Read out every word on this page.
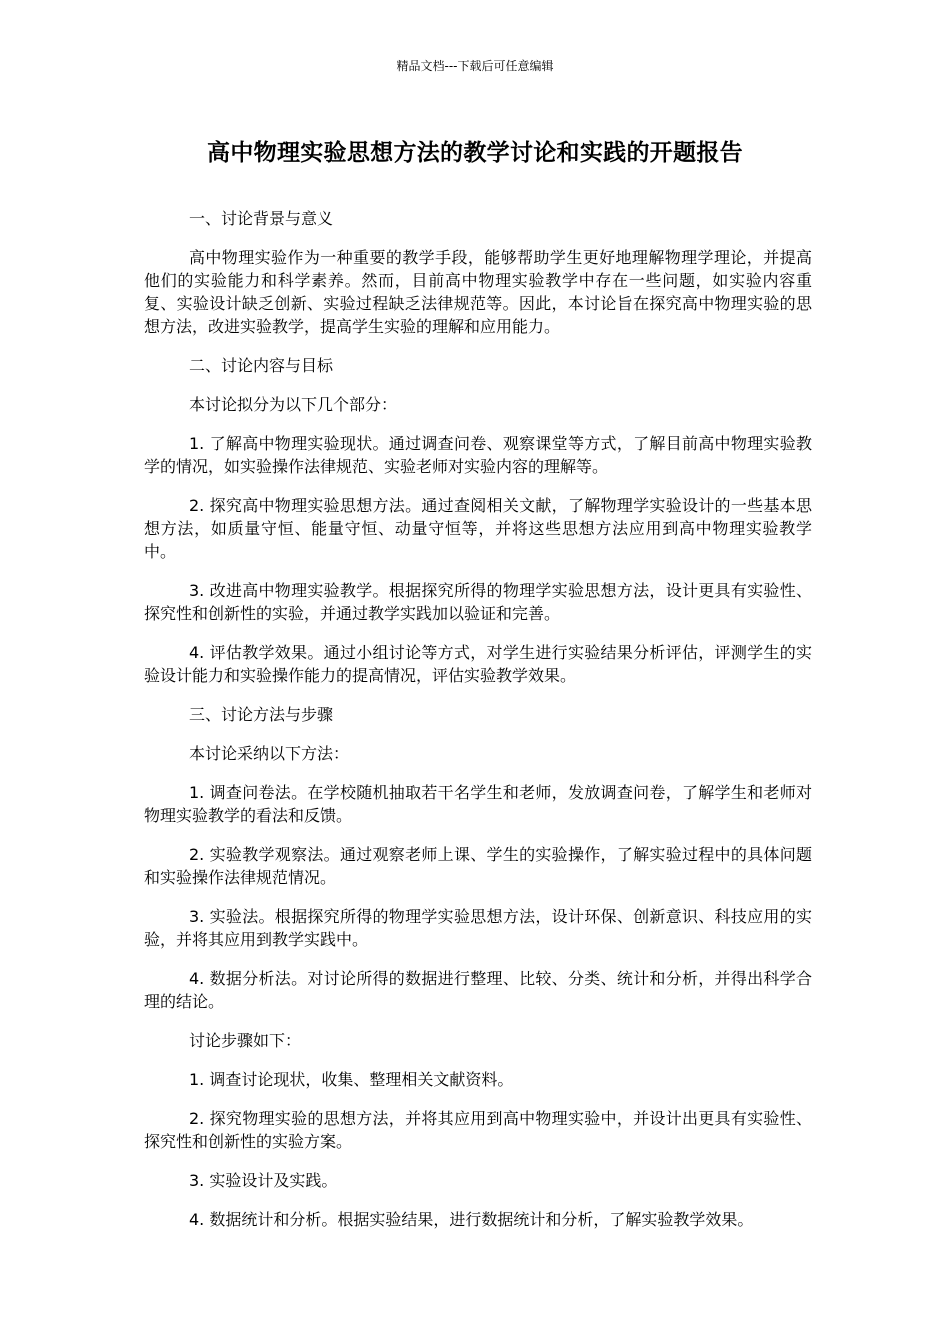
精品文档---下载后可任意编辑
高中物理实验思想方法的教学讨论和实践的开题报告

一、讨论背景与意义

高中物理实验作为一种重要的教学手段，能够帮助学生更好地理解物理学理论，并提高他们的实验能力和科学素养。然而，目前高中物理实验教学中存在一些问题，如实验内容重复、实验设计缺乏创新、实验过程缺乏法律规范等。因此，本讨论旨在探究高中物理实验的思想方法，改进实验教学，提高学生实验的理解和应用能力。

二、讨论内容与目标

本讨论拟分为以下几个部分：

1. 了解高中物理实验现状。通过调查问卷、观察课堂等方式，了解目前高中物理实验教学的情况，如实验操作法律规范、实验老师对实验内容的理解等。

2. 探究高中物理实验思想方法。通过查阅相关文献，了解物理学实验设计的一些基本思想方法，如质量守恒、能量守恒、动量守恒等，并将这些思想方法应用到高中物理实验教学中。

3. 改进高中物理实验教学。根据探究所得的物理学实验思想方法，设计更具有实验性、探究性和创新性的实验，并通过教学实践加以验证和完善。

4. 评估教学效果。通过小组讨论等方式，对学生进行实验结果分析评估，评测学生的实验设计能力和实验操作能力的提高情况，评估实验教学效果。

三、讨论方法与步骤

本讨论采纳以下方法：

1. 调查问卷法。在学校随机抽取若干名学生和老师，发放调查问卷，了解学生和老师对物理实验教学的看法和反馈。

2. 实验教学观察法。通过观察老师上课、学生的实验操作，了解实验过程中的具体问题和实验操作法律规范情况。

3. 实验法。根据探究所得的物理学实验思想方法，设计环保、创新意识、科技应用的实验，并将其应用到教学实践中。

4. 数据分析法。对讨论所得的数据进行整理、比较、分类、统计和分析，并得出科学合理的结论。

讨论步骤如下：

1. 调查讨论现状，收集、整理相关文献资料。

2. 探究物理实验的思想方法，并将其应用到高中物理实验中，并设计出更具有实验性、探究性和创新性的实验方案。

3. 实验设计及实践。

4. 数据统计和分析。根据实验结果，进行数据统计和分析，了解实验教学效果。
